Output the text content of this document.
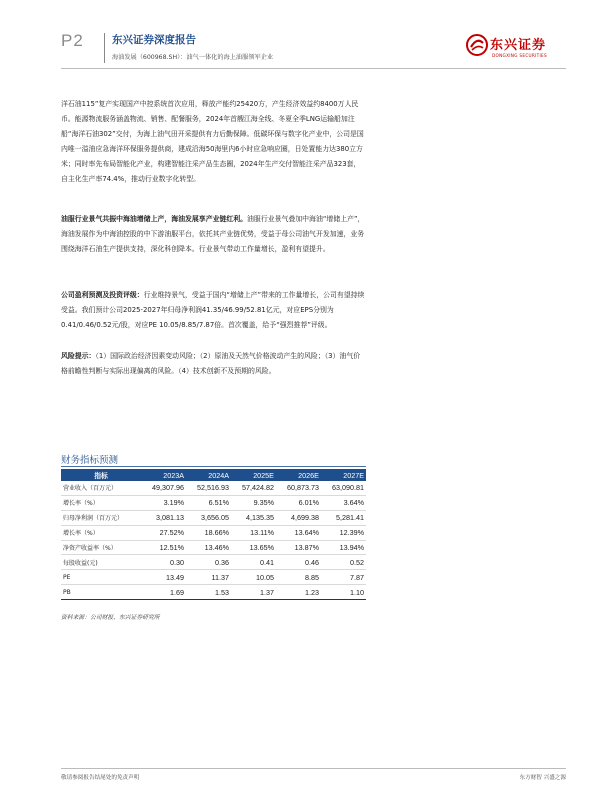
P2	东兴证券深度报告
海油发展（600968.SH）：油气一体化的海上油服领军企业
东兴证券
DONGXING SECURITIES

洋石油115”复产实现国产中控系统首次应用，释放产能约25420方，产生经济效益约8400万人民币。能源物流服务涵盖物流、销售、配餐服务，2024年首艘江海全线、冬夏全季LNG运输船加注船“海洋石油302”交付，为海上油气田开采提供有力后勤保障。低碳环保与数字化产业中，公司是国内唯一溢油应急海洋环保服务提供商，建成沿海50海里内6小时应急响应圈，日处置能力达380立方米；同时率先布局智能化产业，构建智能注采产品生态圈，2024年生产交付智能注采产品323套，自主化生产率74.4%，推动行业数字化转型。

油服行业景气共振中海油增储上产，海油发展享产业链红利。油服行业景气叠加中海油“增储上产”，海油发展作为中海油控股的中下游油服平台，依托其产业链优势，受益于母公司油气开发加速，业务围绕海洋石油生产提供支持，深化科创降本。行业景气带动工作量增长，盈利有望提升。

公司盈利预测及投资评级：行业维持景气，受益于国内“增储上产”带来的工作量增长，公司有望持续受益。我们预计公司2025-2027年归母净利润41.35/46.99/52.81亿元，对应EPS分别为0.41/0.46/0.52元/股，对应PE 10.05/8.85/7.87倍。首次覆盖，给予“强烈推荐”评级。

风险提示：（1）国际政治经济因素变动风险；（2）原油及天然气价格波动产生的风险；（3）油气价格前瞻性判断与实际出现偏离的风险。（4）技术创新不及预期的风险。

财务指标预测
指标	2023A	2024A	2025E	2026E	2027E
营业收入（百万元）	49,307.96	52,516.93	57,424.82	60,873.73	63,090.81
增长率（%）	3.19%	6.51%	9.35%	6.01%	3.64%
归母净利润（百万元）	3,081.13	3,656.05	4,135.35	4,699.38	5,281.41
增长率（%）	27.52%	18.66%	13.11%	13.64%	12.39%
净资产收益率（%）	12.51%	13.46%	13.65%	13.87%	13.94%
每股收益(元)	0.30	0.36	0.41	0.46	0.52
PE	13.49	11.37	10.05	8.85	7.87
PB	1.69	1.53	1.37	1.23	1.10
资料来源：公司财报、东兴证券研究所
敬请参阅报告结尾处的免责声明	东方财智 兴盛之源
